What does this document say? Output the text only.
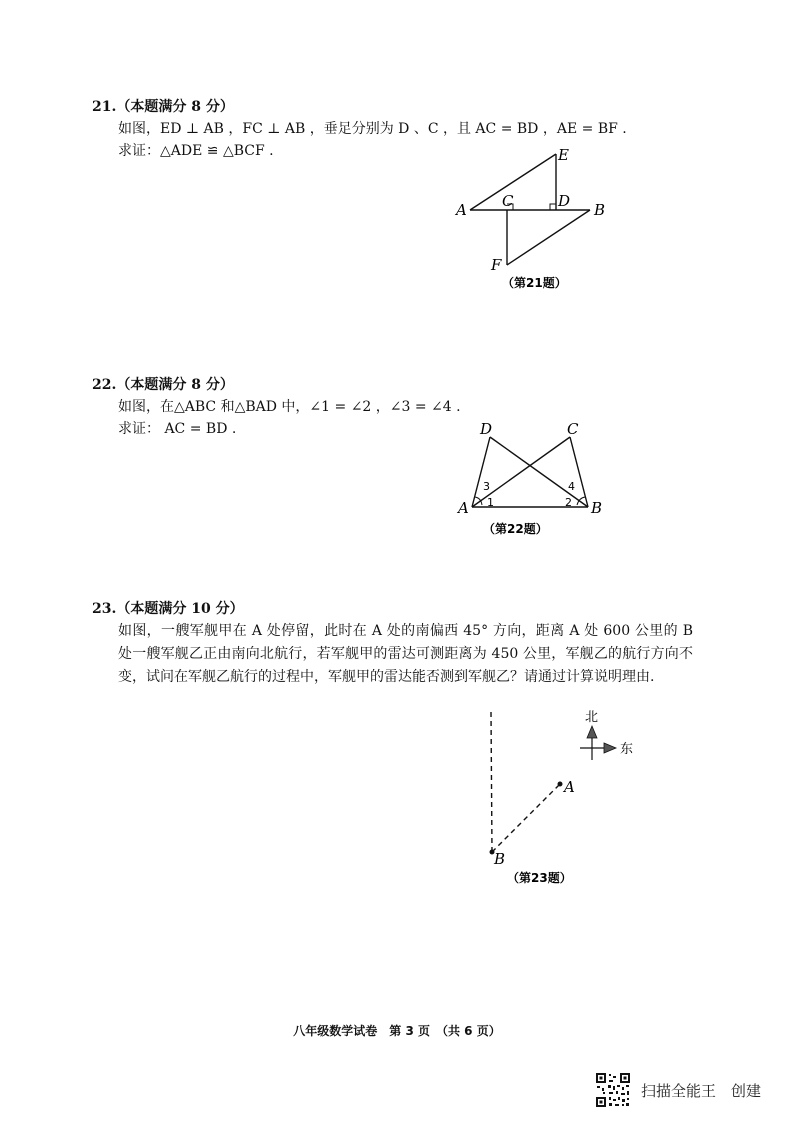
21.（本题满分 8 分）
如图，ED ⊥ AB ，FC ⊥ AB ，垂足分别为 D 、C ，且 AC = BD ，AE = BF .
求证：△ADE ≌ △BCF .
A	B
C	D
E
F
（第21题）
22.（本题满分 8 分）
如图，在△ABC 和△BAD 中，∠1 = ∠2 ，∠3 = ∠4 .
求证： AC = BD .
A	B
C
D
1	2
3	4
（第22题）
23.（本题满分 10 分）
如图，一艘军舰甲在 A 处停留，此时在 A 处的南偏西 45° 方向，距离 A 处 600 公里的 B 处一艘军舰乙正由南向北航行，若军舰甲的雷达可测距离为 450 公里，军舰乙的航行方向不变，试问在军舰乙航行的过程中，军舰甲的雷达能否测到军舰乙？请通过计算说明理由.
A
B
北
东
（第23题）
八年级数学试卷　第 3 页　（共 6 页）
扫描全能王　创建
